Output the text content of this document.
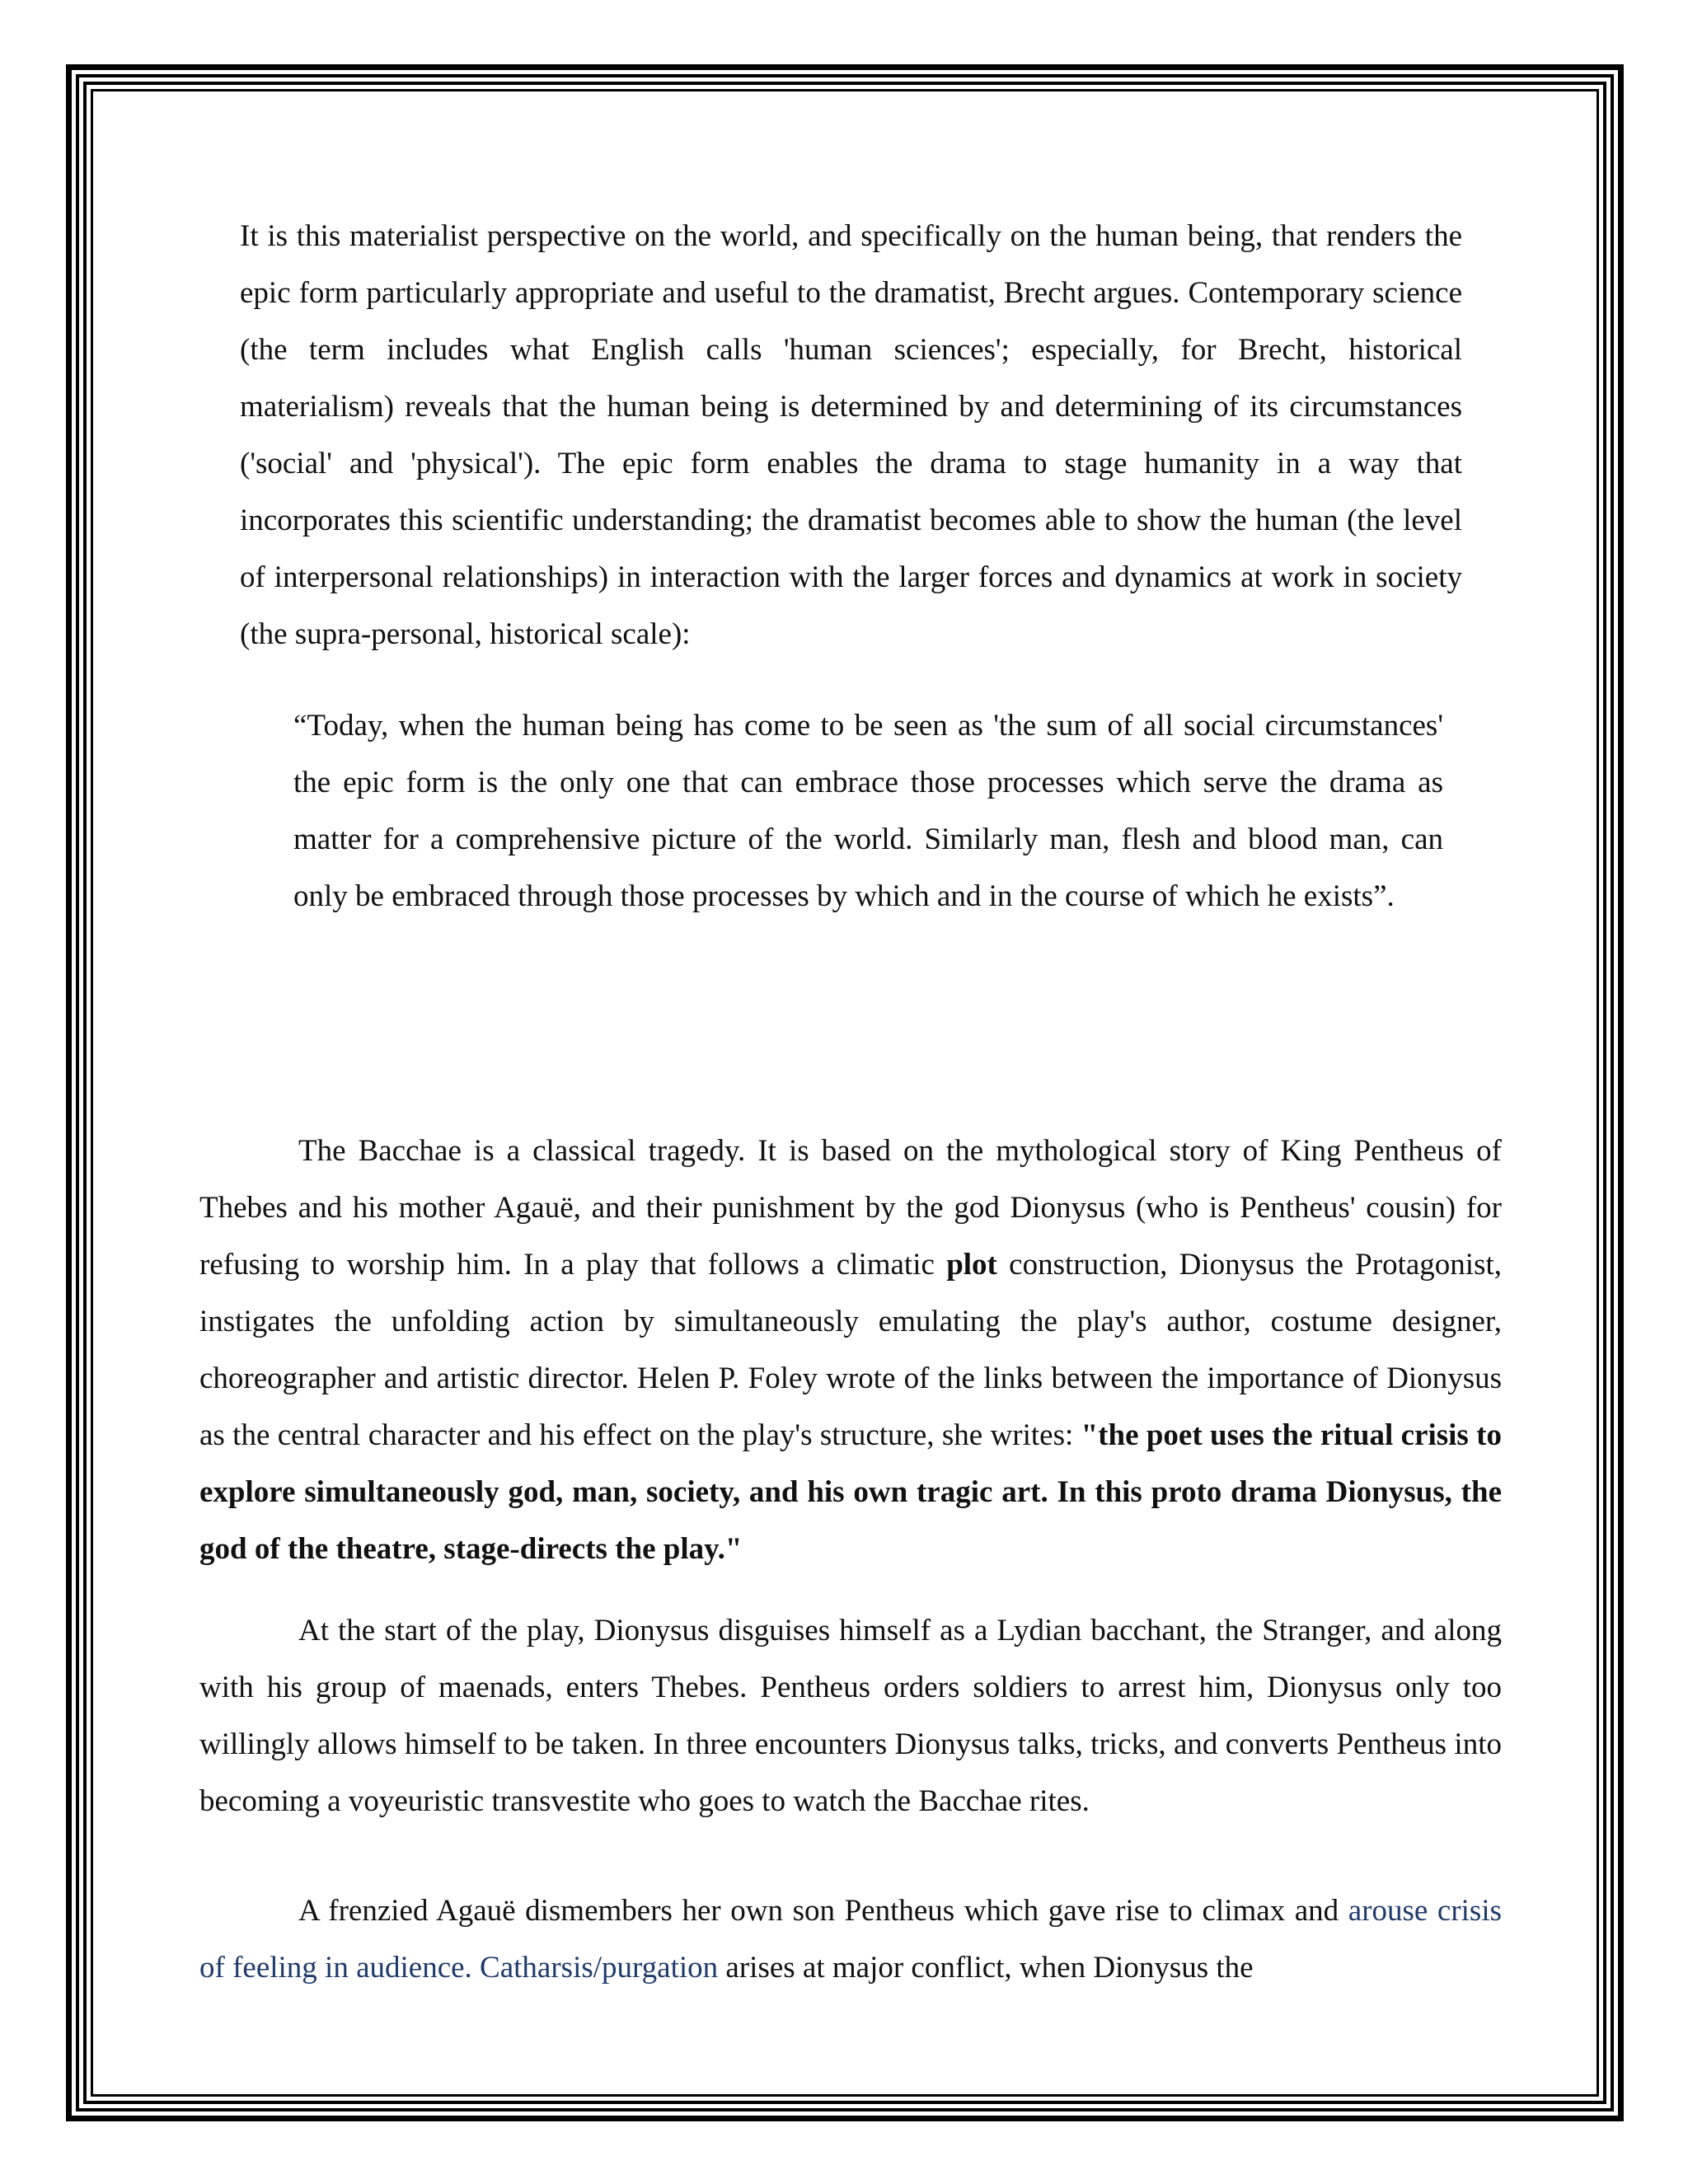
It is this materialist perspective on the world, and specifically on the human being, that renders the epic form particularly appropriate and useful to the dramatist, Brecht argues. Contemporary science (the term includes what English calls 'human sciences'; especially, for Brecht, historical materialism) reveals that the human being is determined by and determining of its circumstances ('social' and 'physical'). The epic form enables the drama to stage humanity in a way that incorporates this scientific understanding; the dramatist becomes able to show the human (the level of interpersonal relationships) in interaction with the larger forces and dynamics at work in society (the supra-personal, historical scale):

“Today, when the human being has come to be seen as 'the sum of all social circumstances' the epic form is the only one that can embrace those processes which serve the drama as matter for a comprehensive picture of the world. Similarly man, flesh and blood man, can only be embraced through those processes by which and in the course of which he exists”.

The Bacchae is a classical tragedy. It is based on the mythological story of King Pentheus of Thebes and his mother Agauë, and their punishment by the god Dionysus (who is Pentheus' cousin) for refusing to worship him. In a play that follows a climatic plot construction, Dionysus the Protagonist, instigates the unfolding action by simultaneously emulating the play's author, costume designer, choreographer and artistic director. Helen P. Foley wrote of the links between the importance of Dionysus as the central character and his effect on the play's structure, she writes: "the poet uses the ritual crisis to explore simultaneously god, man, society, and his own tragic art. In this proto drama Dionysus, the god of the theatre, stage-directs the play."

At the start of the play, Dionysus disguises himself as a Lydian bacchant, the Stranger, and along with his group of maenads, enters Thebes. Pentheus orders soldiers to arrest him, Dionysus only too willingly allows himself to be taken. In three encounters Dionysus talks, tricks, and converts Pentheus into becoming a voyeuristic transvestite who goes to watch the Bacchae rites.

A frenzied Agauë dismembers her own son Pentheus which gave rise to climax and arouse crisis of feeling in audience. Catharsis/purgation arises at major conflict, when Dionysus the
